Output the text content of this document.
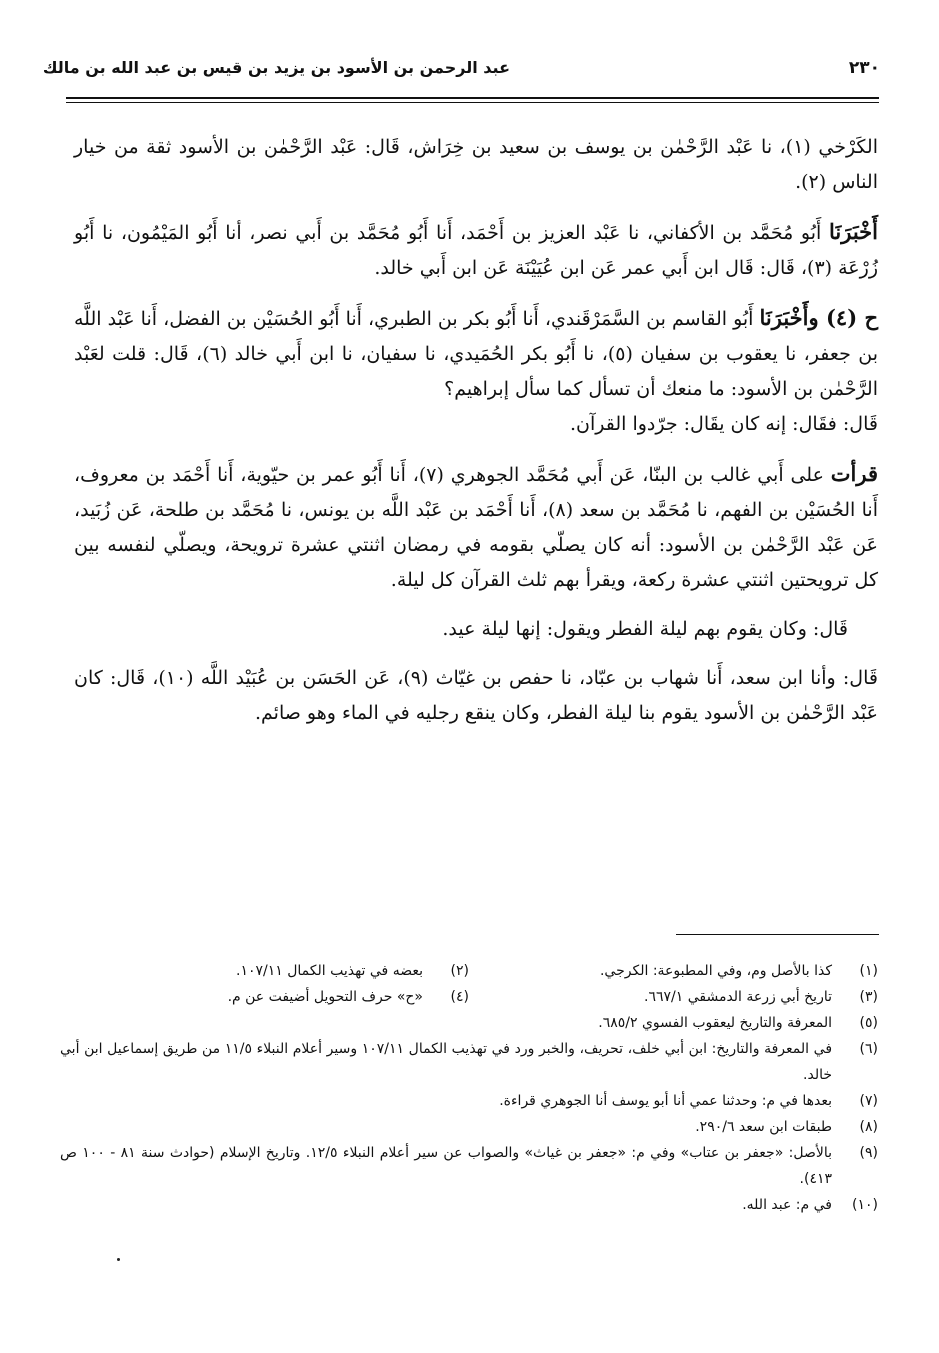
٢٣٠
عبد الرحمن بن الأسود بن يزيد بن قيس بن عبد الله بن مالك

الكَرْخي (١)، نا عَبْد الرَّحْمٰن بن يوسف بن سعيد بن خِرَاش، قَال: عَبْد الرَّحْمٰن بن الأسود ثقة من خيار الناس (٢).

أَخْبَرَنَا أَبُو مُحَمَّد بن الأكفاني، نا عَبْد العزيز بن أَحْمَد، أَنا أَبُو مُحَمَّد بن أَبي نصر، أنا أَبُو المَيْمُون، نا أَبُو زُرْعَة (٣)، قَال: قَال ابن أَبي عمر عَن ابن عُيَيْنَة عَن ابن أَبي خالد.

ح (٤) وأَخْبَرَنَا أَبُو القاسم بن السَّمَرْقَندي، أَنا أَبُو بكر بن الطبري، أَنا أَبُو الحُسَيْن بن الفضل، أَنا عَبْد اللَّه بن جعفر، نا يعقوب بن سفيان (٥)، نا أَبُو بكر الحُمَيدي، نا سفيان، نا ابن أَبي خالد (٦)، قَال: قلت لعَبْد الرَّحْمٰن بن الأسود: ما منعك أن تسأل كما سأل إبراهيم؟

قَال: فقَال: إنه كان يقَال: جرّدوا القرآن.

قرأت على أَبي غالب بن البنّا، عَن أَبي مُحَمَّد الجوهري (٧)، أَنا أَبُو عمر بن حيّوية، أَنا أَحْمَد بن معروف، أَنا الحُسَيْن بن الفهم، نا مُحَمَّد بن سعد (٨)، أَنا أَحْمَد بن عَبْد اللَّه بن يونس، نا مُحَمَّد بن طلحة، عَن زُبَيد، عَن عَبْد الرَّحْمٰن بن الأسود: أنه كان يصلّي بقومه في رمضان اثنتي عشرة ترويحة، ويصلّي لنفسه بين كل ترويحتين اثنتي عشرة ركعة، ويقرأ بهم ثلث القرآن كل ليلة.

قَال: وكان يقوم بهم ليلة الفطر ويقول: إنها ليلة عيد.

قَال: وأنا ابن سعد، أَنا شهاب بن عبّاد، نا حفص بن غيّاث (٩)، عَن الحَسَن بن عُبَيْد اللَّه (١٠)، قَال: كان عَبْد الرَّحْمٰن بن الأسود يقوم بنا ليلة الفطر، وكان ينقع رجليه في الماء وهو صائم.

(١)
كذا بالأصل وم، وفي المطبوعة: الكرجي.
(٢)
بعضه في تهذيب الكمال ١٠٧/١١.
(٣)
تاريخ أبي زرعة الدمشقي ٦٦٧/١.
(٤)
«ح» حرف التحويل أضيفت عن م.
(٥)
المعرفة والتاريخ ليعقوب الفسوي ٦٨٥/٢.
(٦)
في المعرفة والتاريخ: ابن أبي خلف، تحريف، والخبر ورد في تهذيب الكمال ١٠٧/١١ وسير أعلام النبلاء ١١/٥ من طريق إسماعيل ابن أبي خالد.
(٧)
بعدها في م: وحدثنا عمي أنا أبو يوسف أنا الجوهري قراءة.
(٨)
طبقات ابن سعد ٢٩٠/٦.
(٩)
بالأصل: «جعفر بن عتاب» وفي م: «جعفر بن غياث» والصواب عن سير أعلام النبلاء ١٢/٥. وتاريخ الإسلام (حوادث سنة ٨١ - ١٠٠ ص ٤١٣).
(١٠)
في م: عبد الله.
